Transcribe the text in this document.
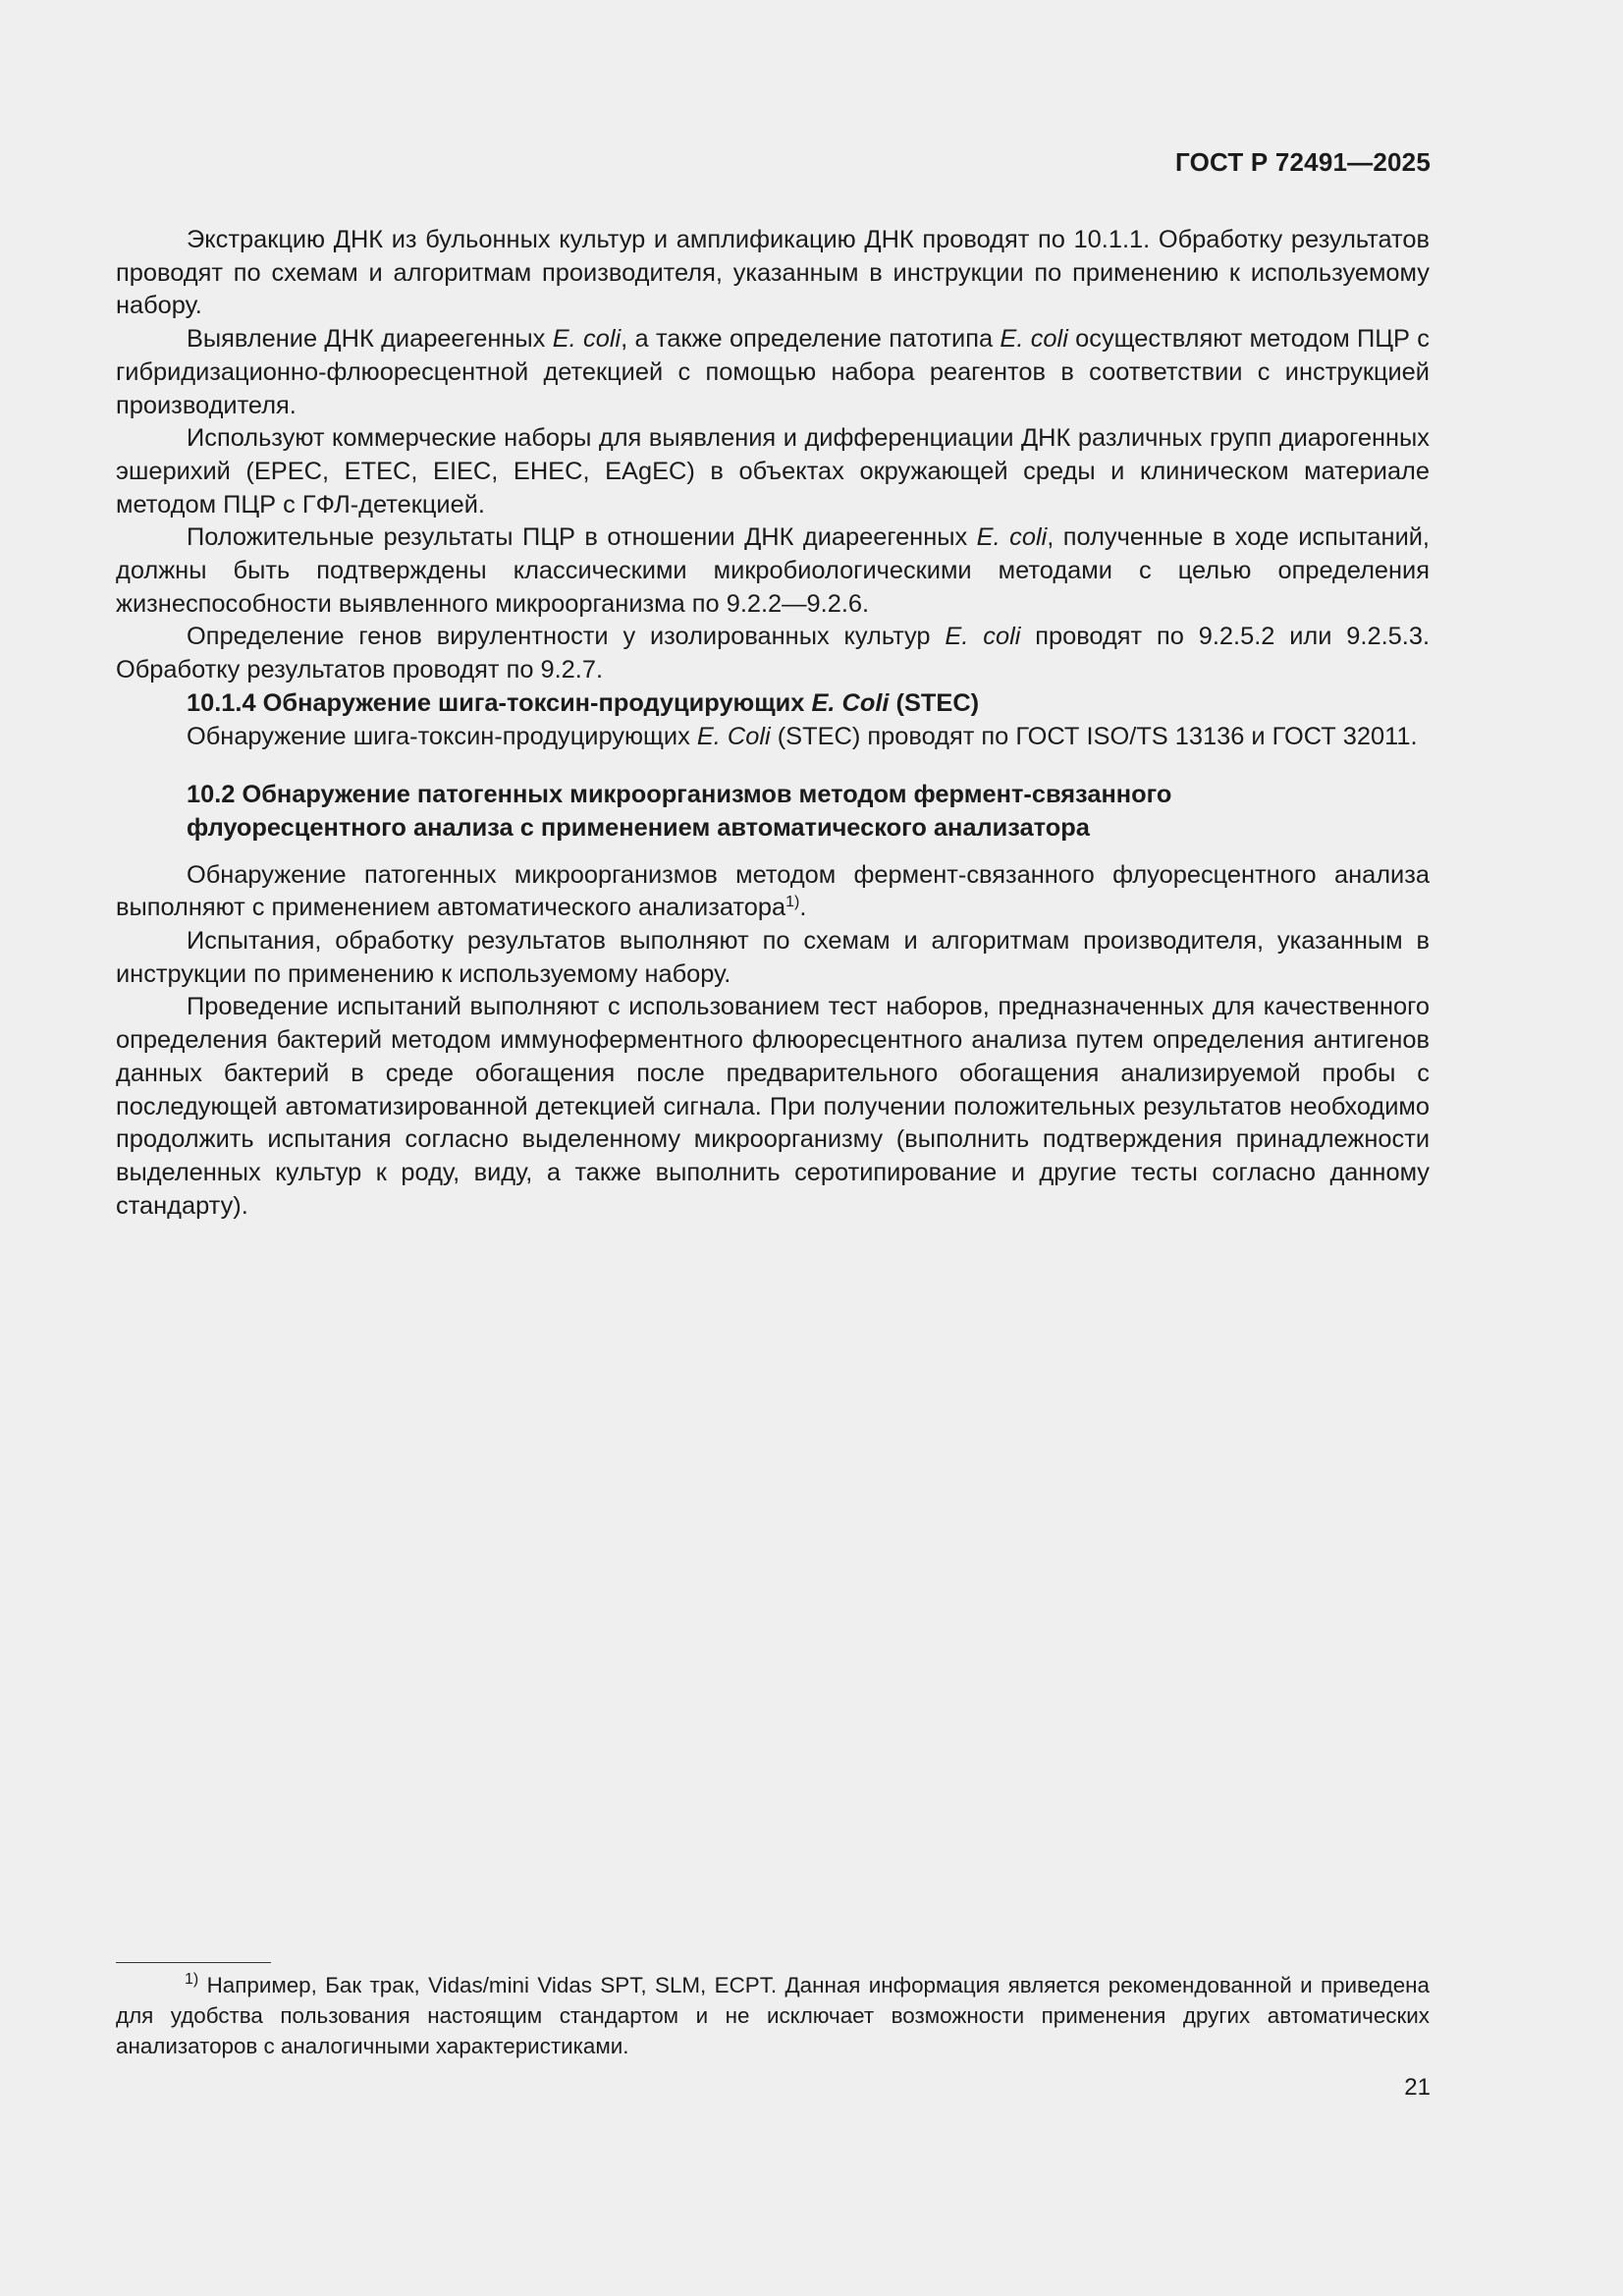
ГОСТ Р 72491—2025

Экстракцию ДНК из бульонных культур и амплификацию ДНК проводят по 10.1.1. Обработку результатов проводят по схемам и алгоритмам производителя, указанным в инструкции по применению к используемому набору.

Выявление ДНК диареегенных E. coli, а также определение патотипа E. coli осуществляют методом ПЦР с гибридизационно-флюоресцентной детекцией с помощью набора реагентов в соответствии с инструкцией производителя.

Используют коммерческие наборы для выявления и дифференциации ДНК различных групп диарогенных эшерихий (EPEC, ETEC, EIEC, EHEC, EAgEC) в объектах окружающей среды и клиническом материале методом ПЦР с ГФЛ-детекцией.

Положительные результаты ПЦР в отношении ДНК диареегенных E. coli, полученные в ходе испытаний, должны быть подтверждены классическими микробиологическими методами с целью определения жизнеспособности выявленного микроорганизма по 9.2.2—9.2.6.

Определение генов вирулентности у изолированных культур E. coli проводят по 9.2.5.2 или 9.2.5.3. Обработку результатов проводят по 9.2.7.

10.1.4 Обнаружение шига-токсин-продуцирующих E. Coli (STEC)

Обнаружение шига-токсин-продуцирующих E. Coli (STEC) проводят по ГОСТ ISO/TS 13136 и ГОСТ 32011.

10.2 Обнаружение патогенных микроорганизмов методом фермент-связанного
флуоресцентного анализа с применением автоматического анализатора

Обнаружение патогенных микроорганизмов методом фермент-связанного флуоресцентного анализа выполняют с применением автоматического анализатора$^{1)}$.

Испытания, обработку результатов выполняют по схемам и алгоритмам производителя, указанным в инструкции по применению к используемому набору.

Проведение испытаний выполняют с использованием тест наборов, предназначенных для качественного определения бактерий методом иммуноферментного флюоресцентного анализа путем определения антигенов данных бактерий в среде обогащения после предварительного обогащения анализируемой пробы с последующей автоматизированной детекцией сигнала. При получении положительных результатов необходимо продолжить испытания согласно выделенному микроорганизму (выполнить подтверждения принадлежности выделенных культур к роду, виду, а также выполнить серотипирование и другие тесты согласно данному стандарту).

$^{1)}$ Например, Бак трак, Vidas/mini Vidas SPT, SLM, ECPT. Данная информация является рекомендованной и приведена для удобства пользования настоящим стандартом и не исключает возможности применения других автоматических анализаторов с аналогичными характеристиками.

21
